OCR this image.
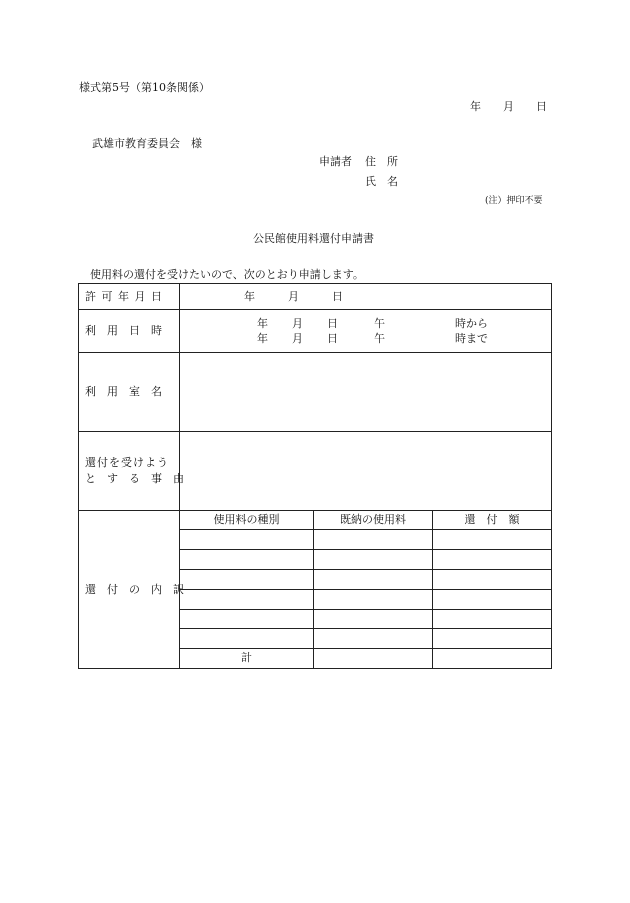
様式第5号（第10条関係）
年　　月　　日
武雄市教育委員会　様
申請者 住　所
氏　名
(注）押印不要
公民館使用料還付申請書
使用料の還付を受けたいので、次のとおり申請します。
許 可 年 月 日	年　　　月　　　日
利　用　日　時
年 月 日	午	時から
年 月 日	午	時まで
利　用　室　名
還付を受けよう
と　す　る　事　由
還　付　の　内　訳
使用料の種別	既納の使用料	還　付　額
計
